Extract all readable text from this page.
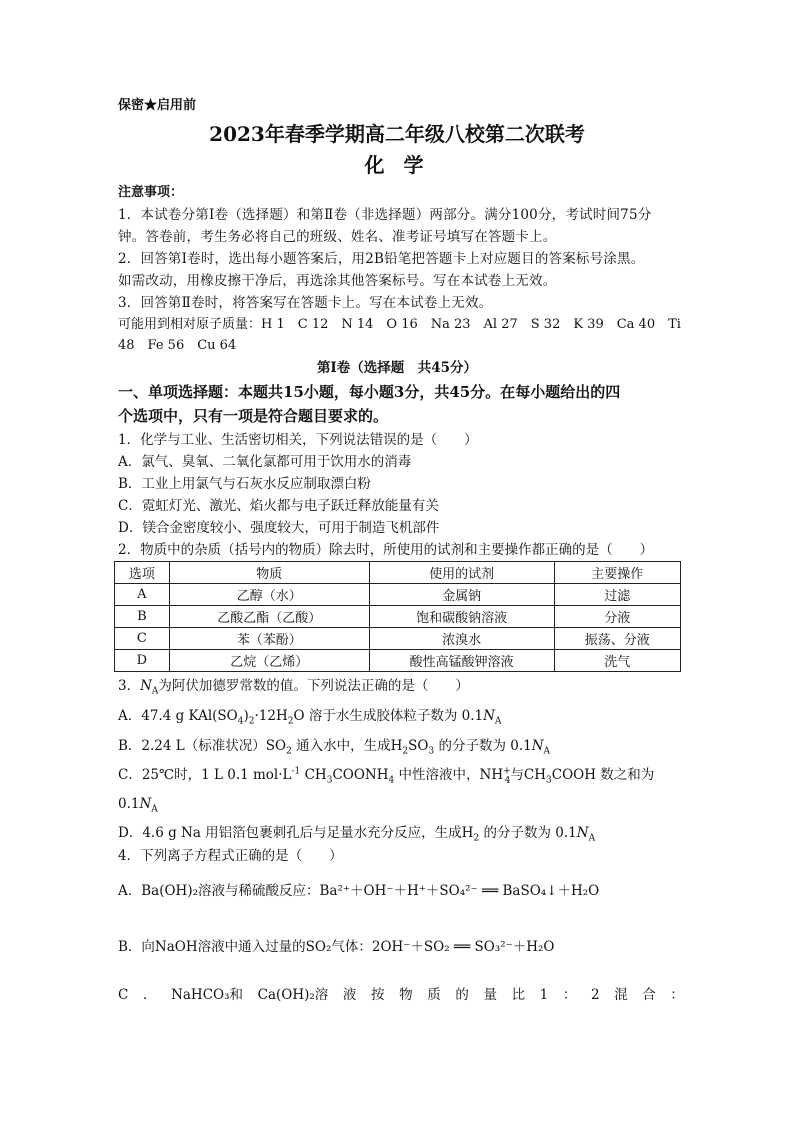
保密★启用前
2023年春季学期高二年级八校第二次联考
化 学
注意事项：
1．本试卷分第Ⅰ卷（选择题）和第Ⅱ卷（非选择题）两部分。满分100分，考试时间75分
钟。答卷前，考生务必将自己的班级、姓名、准考证号填写在答题卡上。
2．回答第Ⅰ卷时，选出每小题答案后，用2B铅笔把答题卡上对应题目的答案标号涂黑。
如需改动，用橡皮擦干净后，再选涂其他答案标号。写在本试卷上无效。
3．回答第Ⅱ卷时，将答案写在答题卡上。写在本试卷上无效。
可能用到相对原子质量：H 1　C 12　N 14　O 16　Na 23　Al 27　S 32　K 39　Ca 40　Ti
48　Fe 56　Cu 64
第Ⅰ卷（选择题　共45分）
一、单项选择题：本题共15小题，每小题3分，共45分。在每小题给出的四
个选项中，只有一项是符合题目要求的。
1．化学与工业、生活密切相关，下列说法错误的是（　　）
A．氯气、臭氧、二氧化氯都可用于饮用水的消毒
B．工业上用氯气与石灰水反应制取漂白粉
C．霓虹灯光、激光、焰火都与电子跃迁释放能量有关
D．镁合金密度较小、强度较大，可用于制造飞机部件
2．物质中的杂质（括号内的物质）除去时，所使用的试剂和主要操作都正确的是（　　）
选项	物质	使用的试剂	主要操作
A	乙醇（水）	金属钠	过滤
B	乙酸乙酯（乙酸）	饱和碳酸钠溶液	分液
C	苯（苯酚）	浓溴水	振荡、分液
D	乙烷（乙烯）	酸性高锰酸钾溶液	洗气
3．$N_A$为阿伏加德罗常数的值。下列说法正确的是（　　）
A．47.4 g $KAl(SO_4)_2\cdot 12H_2O$ 溶于水生成胶体粒子数为 $0.1N_A$
B．2.24 L（标准状况）$SO_2$ 通入水中，生成$H_2SO_3$ 的分子数为 $0.1N_A$
C．25℃时，1 L 0.1 $mol\cdot L^{-1}$ $CH_3COONH_4$ 中性溶液中，$NH^+_4$与$CH_3COOH$ 数之和为
$0.1N_A$
D．4.6 g Na 用铝箔包裹刺孔后与足量水充分反应，生成$H_2$ 的分子数为 $0.1N_A$
4．下列离子方程式正确的是（　　）
A．Ba(OH)₂溶液与稀硫酸反应：Ba²⁺＋OH⁻＋H⁺＋SO₄²⁻ ══ BaSO₄↓＋H₂O
B．向NaOH溶液中通入过量的SO₂气体：2OH⁻＋SO₂ ══ SO₃²⁻＋H₂O
C ． NaHCO₃和 Ca(OH)₂溶 液 按 物 质 的 量 比 1 ： 2 混 合 ：
